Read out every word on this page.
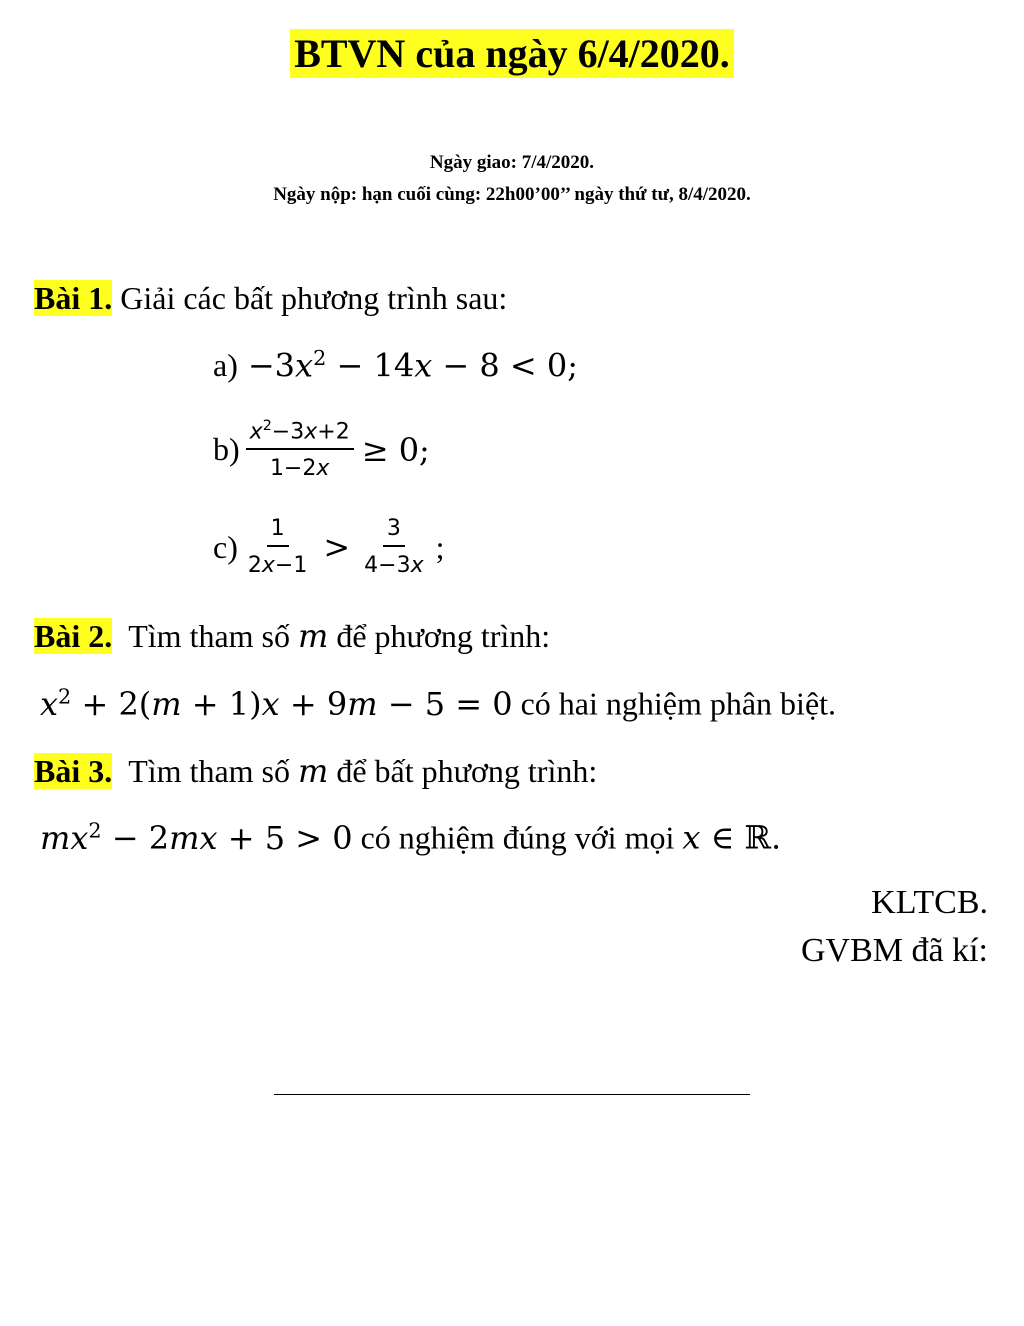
BTVN của ngày 6/4/2020.
Ngày giao: 7/4/2020.
Ngày nộp: hạn cuối cùng: 22h00’00’’ ngày thứ tư, 8/4/2020.
Bài 1. Giải các bất phương trình sau:
$a) -3x^2 - 14x - 8 < 0$;
$b) \frac{x^2-3x+2}{1-2x} \ge 0$;
$c) \frac{1}{2x-1} > \frac{3}{4-3x}$ ;
Bài 2. Tìm tham số m để phương trình:
$x^2 + 2(m + 1)x + 9m - 5 = 0$ có hai nghiệm phân biệt.
Bài 3. Tìm tham số m để bất phương trình:
$mx^2 - 2mx + 5 > 0$ có nghiệm đúng với mọi x ∈ ℝ.
KLTCB.
GVBM đã kí:
